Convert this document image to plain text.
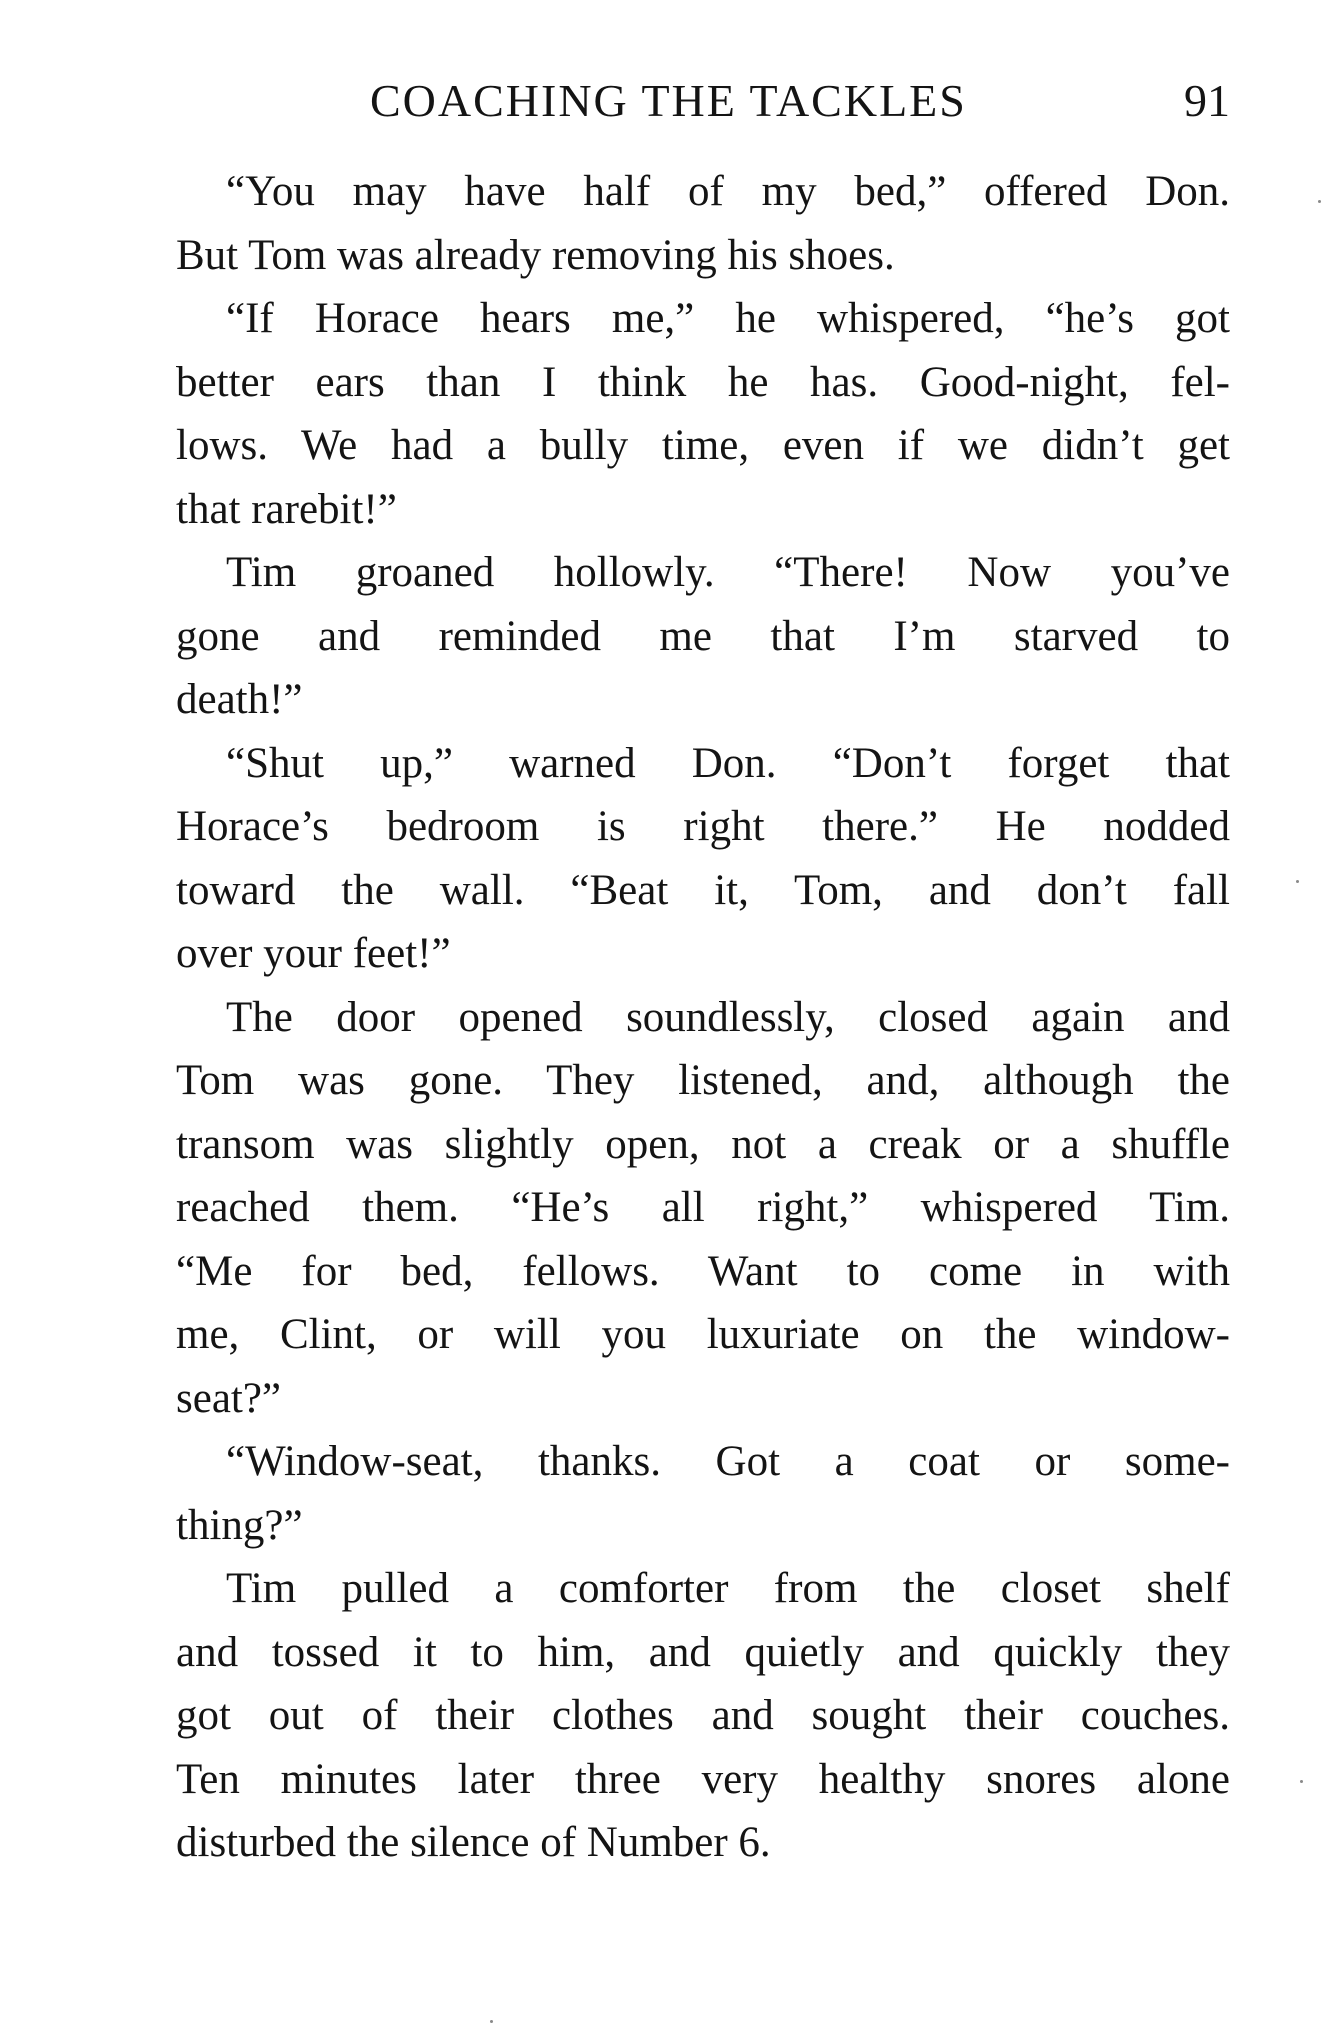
COACHING THE TACKLES	91
“You may have half of my bed,” offered Don.
But Tom was already removing his shoes.
“If Horace hears me,” he whispered, “he’s got
better ears than I think he has. Good-night, fel-
lows. We had a bully time, even if we didn’t get
that rarebit!”
Tim groaned hollowly. “There! Now you’ve
gone and reminded me that I’m starved to
death!”
“Shut up,” warned Don. “Don’t forget that
Horace’s bedroom is right there.” He nodded
toward the wall. “Beat it, Tom, and don’t fall
over your feet!”
The door opened soundlessly, closed again and
Tom was gone. They listened, and, although the
transom was slightly open, not a creak or a shuffle
reached them. “He’s all right,” whispered Tim.
“Me for bed, fellows. Want to come in with
me, Clint, or will you luxuriate on the window-
seat?”
“Window-seat, thanks. Got a coat or some-
thing?”
Tim pulled a comforter from the closet shelf
and tossed it to him, and quietly and quickly they
got out of their clothes and sought their couches.
Ten minutes later three very healthy snores alone
disturbed the silence of Number 6.
